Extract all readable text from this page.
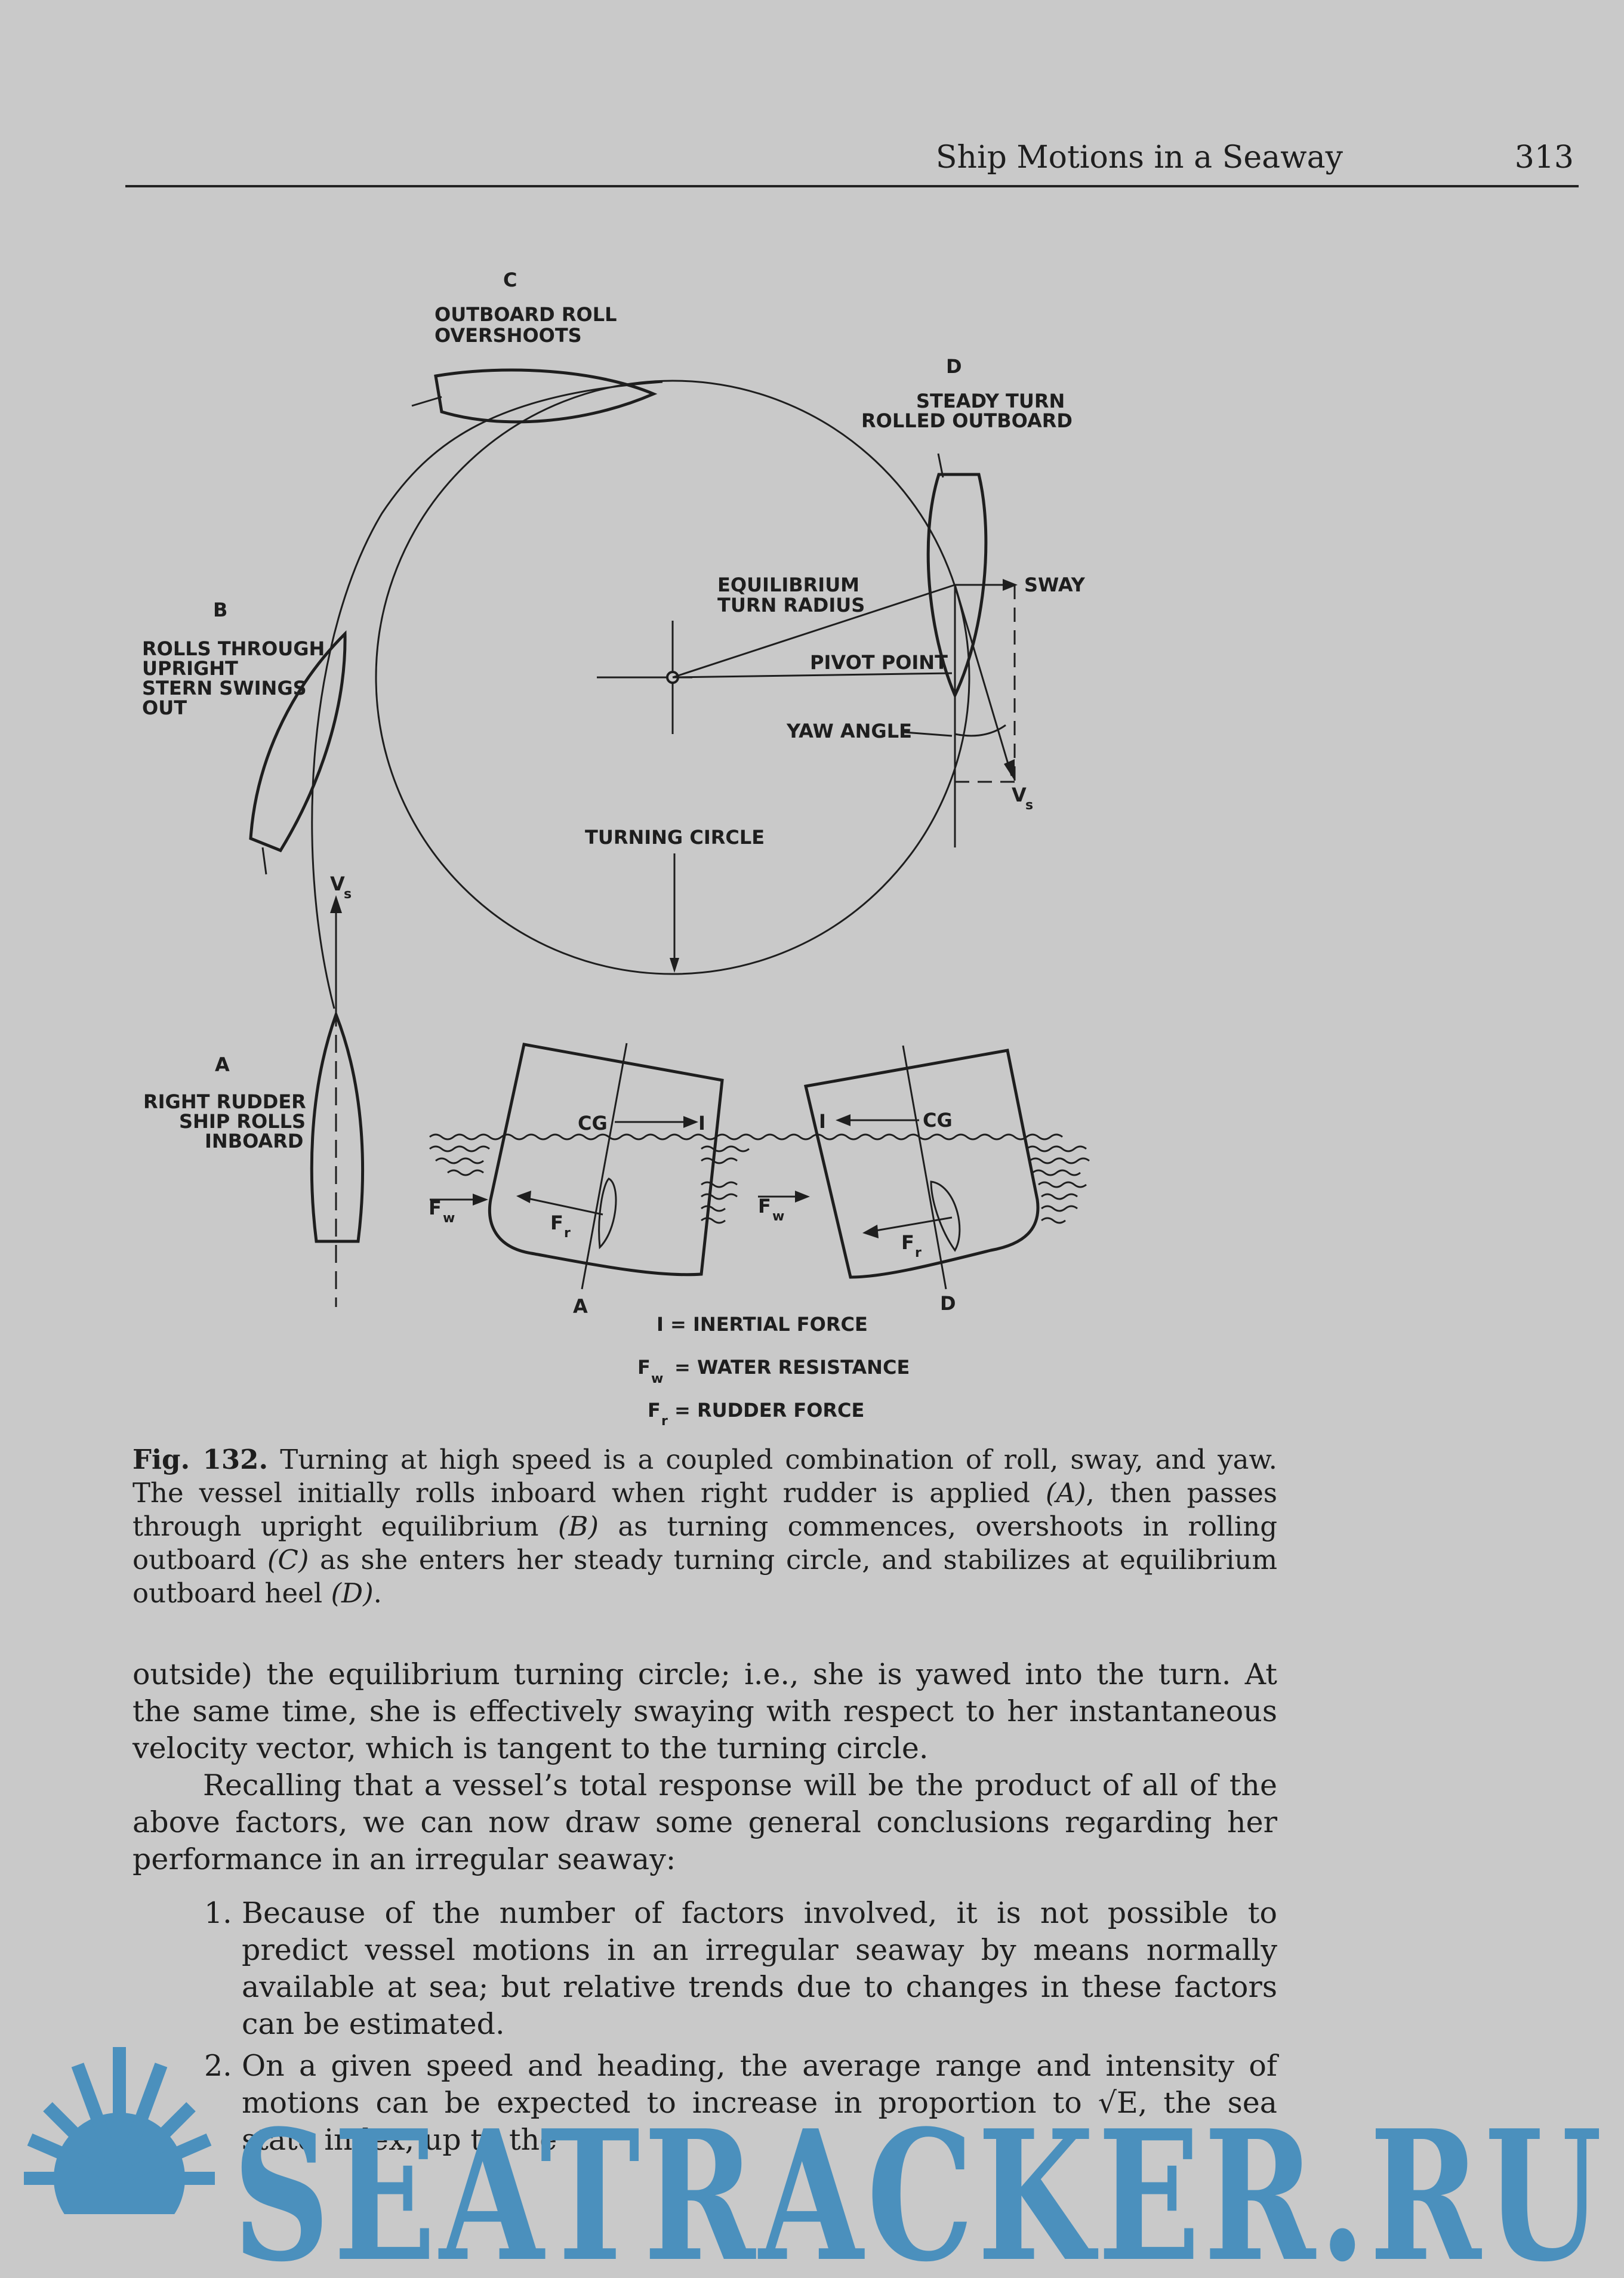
Ship Motions in a Seaway	313
C
OUTBOARD ROLL
OVERSHOOTS
D
STEADY TURN
ROLLED OUTBOARD
B
ROLLS THROUGH
UPRIGHT
STERN SWINGS
OUT
A
RIGHT RUDDER
SHIP ROLLS
INBOARD
EQUILIBRIUM
TURN RADIUS
SWAY
PIVOT POINT
YAW ANGLE
TURNING CIRCLE
V
s
V
s
CG	I	CG
I
F w	F r
F w
F r
A	D
I = INERTIAL FORCE
F
w
= WATER RESISTANCE
F r = RUDDER FORCE
Fig. 132. Turning at high speed is a coupled combination of roll, sway, and yaw. The vessel initially rolls inboard when right rudder is applied (A), then passes through upright equilibrium (B) as turning commences, overshoots in rolling outboard (C) as she enters her steady turning circle, and stabilizes at equilibrium outboard heel (D).

outside) the equilibrium turning circle; i.e., she is yawed into the turn. At the same time, she is effectively swaying with respect to her instantaneous velocity vector, which is tangent to the turning circle.

Recalling that a vessel’s total response will be the product of all of the above factors, we can now draw some general conclusions regarding her performance in an irregular seaway:

1. Because of the number of factors involved, it is not possible to predict vessel motions in an irregular seaway by means normally available at sea; but relative trends due to changes in these factors can be estimated.
2. On a given speed and heading, the average range and intensity of motions can be expected to increase in proportion to √E, the sea state index, up to the
SEATRACKER.RU
